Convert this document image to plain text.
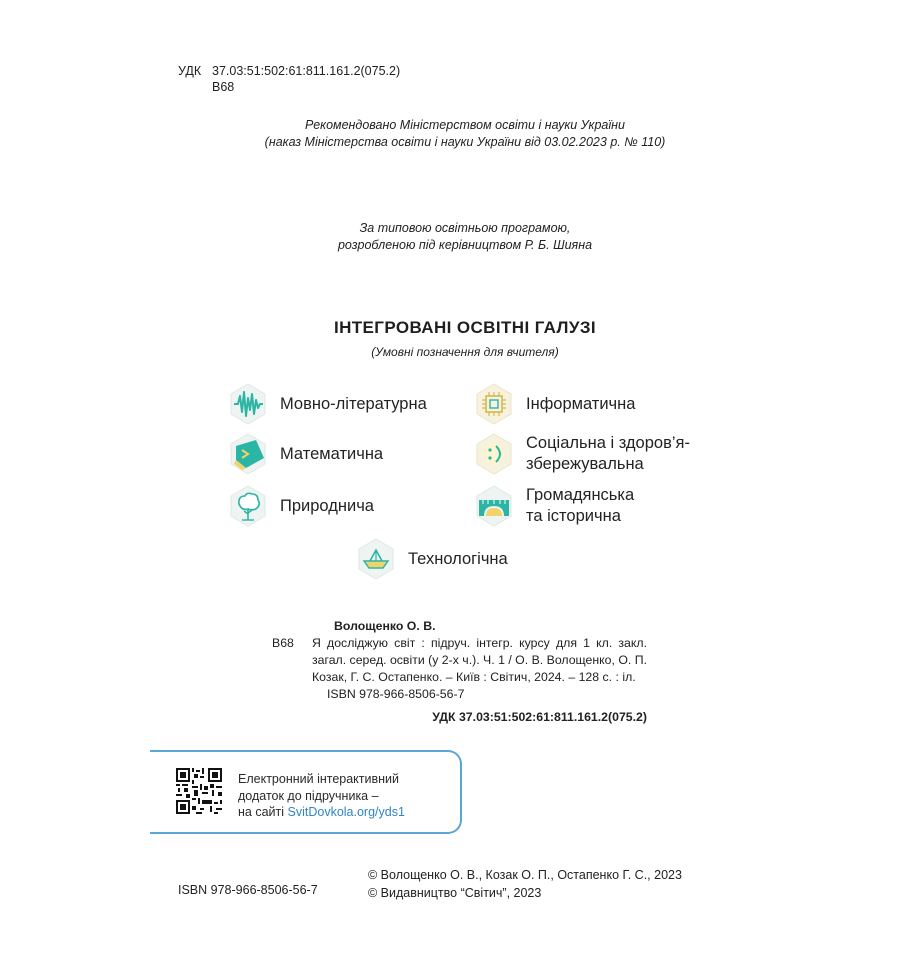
УДК 37.03:51:502:61:811.161.2(075.2)
В68
Рекомендовано Міністерством освіти і науки України
(наказ Міністерства освіти і науки України від 03.02.2023 р. № 110)
За типовою освітньою програмою,
розробленою під керівництвом Р. Б. Шияна
ІНТЕГРОВАНІ ОСВІТНІ ГАЛУЗІ
(Умовні позначення для вчителя)
Мовно-літературна	Інформатична
Математична
Соціальна і здоров’я-
збережувальна
Природнича
Громадянська
та історична
Технологічна
Волощенко О. В.
В68	Я досліджую світ : підруч. інтегр. курсу для 1 кл. закл. загал. серед. освіти (у 2-х ч.). Ч. 1 / О. В. Волощенко, О. П. Козак, Г. С. Остапенко. – Київ : Світич, 2024. – 128 с. : іл.
ISBN 978-966-8506-56-7
УДК 37.03:51:502:61:811.161.2(075.2)
Електронний інтерактивний
додаток до підручника –
на сайті SvitDovkola.org/yds1
ISBN 978-966-8506-56-7
© Волощенко О. В., Козак О. П., Остапенко Г. С., 2023
© Видавництво “Світич”, 2023
